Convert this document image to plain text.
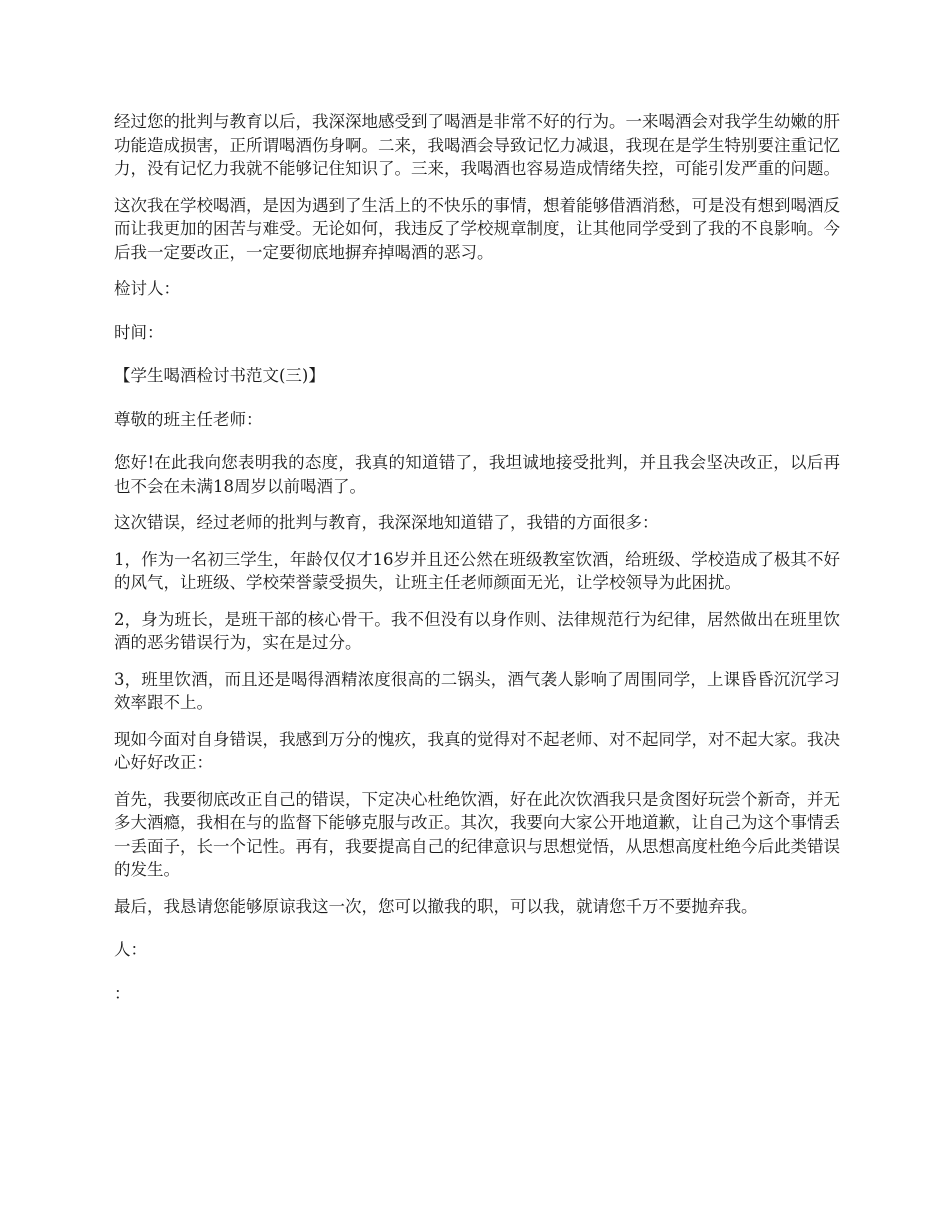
经过您的批判与教育以后，我深深地感受到了喝酒是非常不好的行为。一来喝酒会对我学生幼嫩的肝功能造成损害，正所谓喝酒伤身啊。二来，我喝酒会导致记忆力减退，我现在是学生特别要注重记忆力，没有记忆力我就不能够记住知识了。三来，我喝酒也容易造成情绪失控，可能引发严重的问题。

这次我在学校喝酒，是因为遇到了生活上的不快乐的事情，想着能够借酒消愁，可是没有想到喝酒反而让我更加的困苦与难受。无论如何，我违反了学校规章制度，让其他同学受到了我的不良影响。今后我一定要改正，一定要彻底地摒弃掉喝酒的恶习。

检讨人：

时间：

【学生喝酒检讨书范文(三)】

尊敬的班主任老师：

您好!在此我向您表明我的态度，我真的知道错了，我坦诚地接受批判，并且我会坚决改正，以后再也不会在未满18周岁以前喝酒了。

这次错误，经过老师的批判与教育，我深深地知道错了，我错的方面很多：

1，作为一名初三学生，年龄仅仅才16岁并且还公然在班级教室饮酒，给班级、学校造成了极其不好的风气，让班级、学校荣誉蒙受损失，让班主任老师颜面无光，让学校领导为此困扰。

2，身为班长，是班干部的核心骨干。我不但没有以身作则、法律规范行为纪律，居然做出在班里饮酒的恶劣错误行为，实在是过分。

3，班里饮酒，而且还是喝得酒精浓度很高的二锅头，酒气袭人影响了周围同学，上课昏昏沉沉学习效率跟不上。

现如今面对自身错误，我感到万分的愧疚，我真的觉得对不起老师、对不起同学，对不起大家。我决心好好改正：

首先，我要彻底改正自己的错误，下定决心杜绝饮酒，好在此次饮酒我只是贪图好玩尝个新奇，并无多大酒瘾，我相在与的监督下能够克服与改正。其次，我要向大家公开地道歉，让自己为这个事情丢一丢面子，长一个记性。再有，我要提高自己的纪律意识与思想觉悟，从思想高度杜绝今后此类错误的发生。

最后，我恳请您能够原谅我这一次，您可以撤我的职，可以我，就请您千万不要抛弃我。

人：

：
